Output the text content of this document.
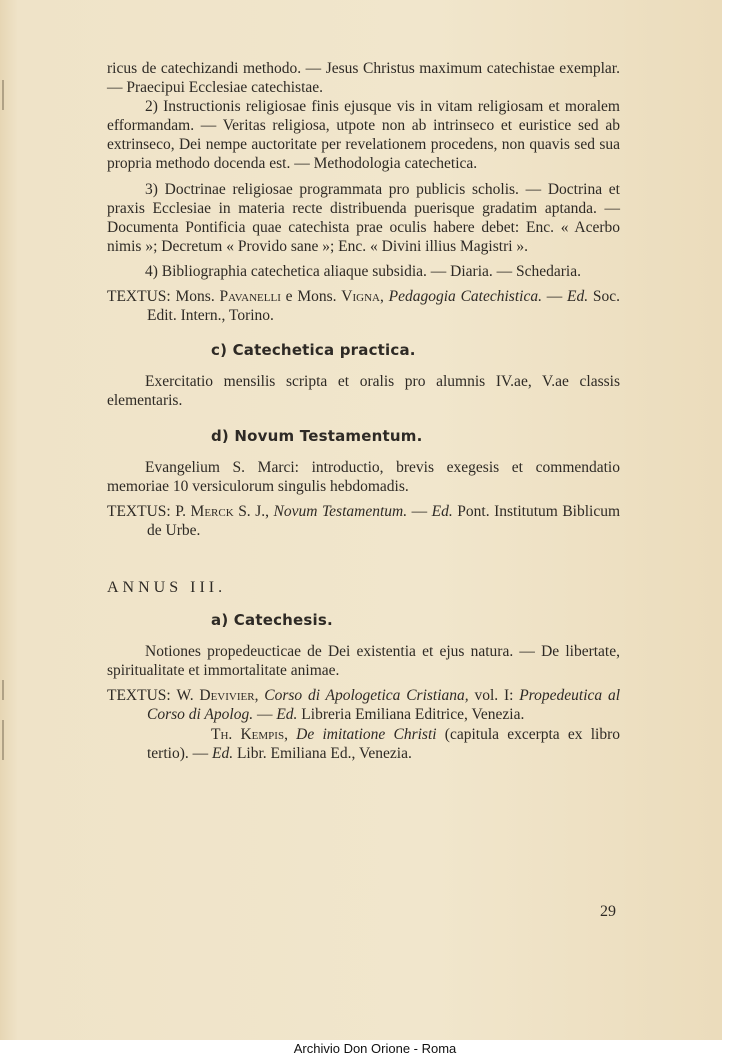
ricus de catechizandi methodo. — Jesus Christus maximum catechistae exemplar. — Praecipui Ecclesiae catechistae.

2) Instructionis religiosae finis ejusque vis in vitam religiosam et moralem efformandam. — Veritas religiosa, utpote non ab intrinseco et euristice sed ab extrinseco, Dei nempe auctoritate per revelationem procedens, non quavis sed sua propria methodo docenda est. — Methodologia catechetica.

3) Doctrinae religiosae programmata pro publicis scholis. — Doctrina et praxis Ecclesiae in materia recte distribuenda puerisque gradatim aptanda. — Documenta Pontificia quae catechista prae oculis habere debet: Enc. « Acerbo nimis »; Decretum « Provido sane »; Enc. « Divini illius Magistri ».

4) Bibliographia catechetica aliaque subsidia. — Diaria. — Schedaria.

TEXTUS: Mons. Pavanelli e Mons. Vigna, Pedagogia Catechistica. — Ed. Soc. Edit. Intern., Torino.

c) Catechetica practica.

Exercitatio mensilis scripta et oralis pro alumnis IV.ae, V.ae classis elementaris.

d) Novum Testamentum.

Evangelium S. Marci: introductio, brevis exegesis et commendatio memoriae 10 versiculorum singulis hebdomadis.

TEXTUS: P. Merck S. J., Novum Testamentum. — Ed. Pont. Institutum Biblicum de Urbe.

ANNUS III.

a) Catechesis.

Notiones propedeucticae de Dei existentia et ejus natura. — De libertate, spiritualitate et immortalitate animae.

TEXTUS: W. Devivier, Corso di Apologetica Cristiana, vol. I: Propedeutica al Corso di Apolog. — Ed. Libreria Emiliana Editrice, Venezia.

Th. Kempis, De imitatione Christi (capitula excerpta ex libro tertio). — Ed. Libr. Emiliana Ed., Venezia.

29
Archivio Don Orione - Roma
